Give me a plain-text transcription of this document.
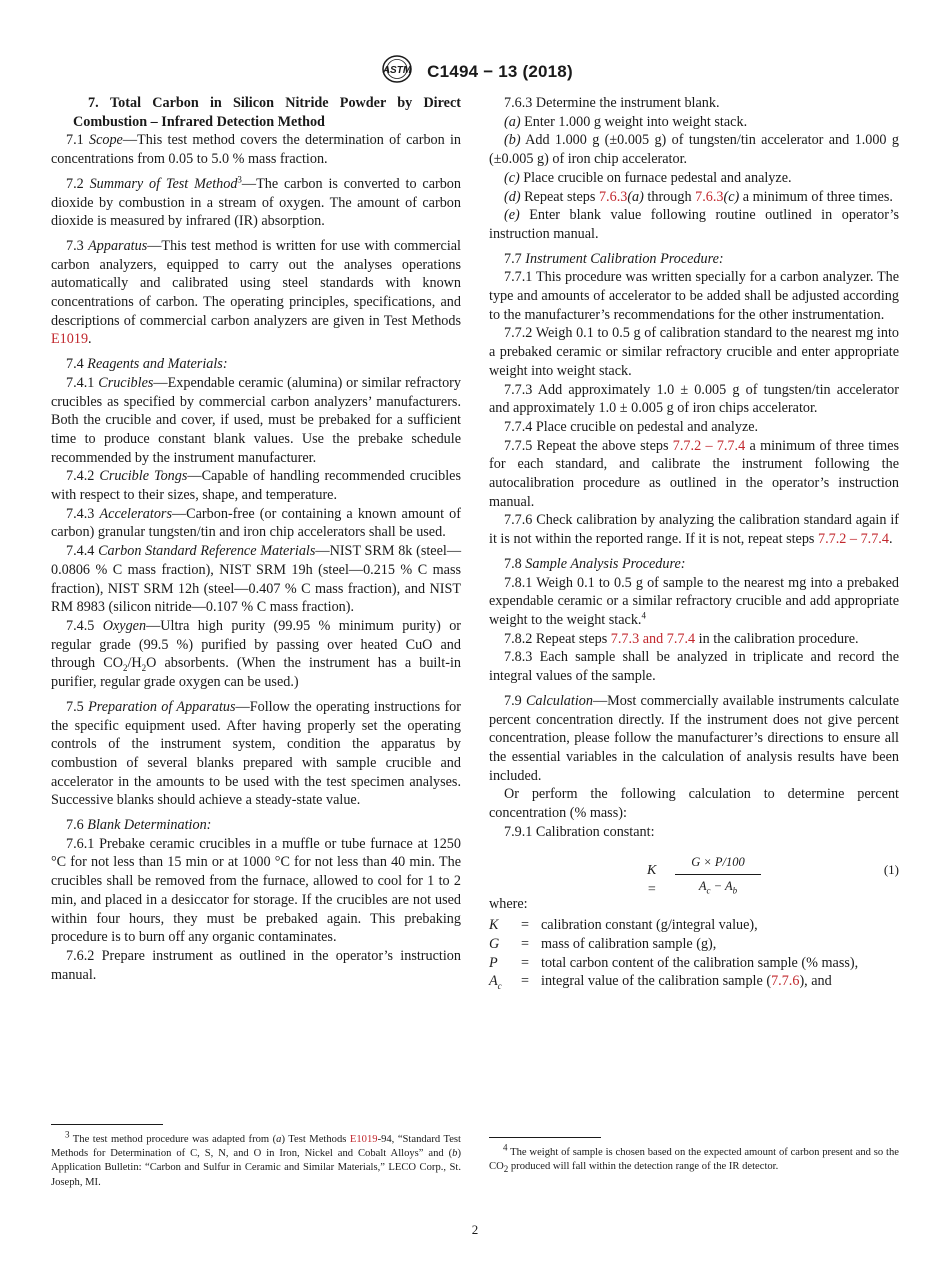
ASTM C1494 − 13 (2018)

7. Total Carbon in Silicon Nitride Powder by Direct Combustion – Infrared Detection Method

7.1 Scope—This test method covers the determination of carbon in concentrations from 0.05 to 5.0 % mass fraction.

7.2 Summary of Test Method$^3$—The carbon is converted to carbon dioxide by combustion in a stream of oxygen. The amount of carbon dioxide is measured by infrared (IR) absorption.

7.3 Apparatus—This test method is written for use with commercial carbon analyzers, equipped to carry out the analyses operations automatically and calibrated using steel standards with known concentrations of carbon. The operating principles, specifications, and descriptions of commercial carbon analyzers are given in Test Methods E1019.

7.4 Reagents and Materials:

7.4.1 Crucibles—Expendable ceramic (alumina) or similar refractory crucibles as specified by commercial carbon analyzers’ manufacturers. Both the crucible and cover, if used, must be prebaked for a sufficient time to produce constant blank values. Use the prebake schedule recommended by the instrument manufacturer.

7.4.2 Crucible Tongs—Capable of handling recommended crucibles with respect to their sizes, shape, and temperature.

7.4.3 Accelerators—Carbon-free (or containing a known amount of carbon) granular tungsten/tin and iron chip accelerators shall be used.

7.4.4 Carbon Standard Reference Materials—NIST SRM 8k (steel—0.0806 % C mass fraction), NIST SRM 19h (steel—0.215 % C mass fraction), NIST SRM 12h (steel—0.407 % C mass fraction), and NIST RM 8983 (silicon nitride—0.107 % C mass fraction).

7.4.5 Oxygen—Ultra high purity (99.95 % minimum purity) or regular grade (99.5 %) purified by passing over heated CuO and through $CO_2/H_2O$ absorbents. (When the instrument has a built-in purifier, regular grade oxygen can be used.)

7.5 Preparation of Apparatus—Follow the operating instructions for the specific equipment used. After having properly set the operating controls of the instrument system, condition the apparatus by combustion of several blanks prepared with sample crucible and accelerator in the amounts to be used with the test specimen analyses. Successive blanks should achieve a steady-state value.

7.6 Blank Determination:

7.6.1 Prebake ceramic crucibles in a muffle or tube furnace at 1250 °C for not less than 15 min or at 1000 °C for not less than 40 min. The crucibles shall be removed from the furnace, allowed to cool for 1 to 2 min, and placed in a desiccator for storage. If the crucibles are not used within four hours, they must be prebaked again. This prebaking procedure is to burn off any organic contaminates.

7.6.2 Prepare instrument as outlined in the operator’s instruction manual.

7.6.3 Determine the instrument blank.

(a) Enter 1.000 g weight into weight stack.

(b) Add 1.000 g (±0.005 g) of tungsten/tin accelerator and 1.000 g (±0.005 g) of iron chip accelerator.

(c) Place crucible on furnace pedestal and analyze.

(d) Repeat steps 7.6.3(a) through 7.6.3(c) a minimum of three times.

(e) Enter blank value following routine outlined in operator’s instruction manual.

7.7 Instrument Calibration Procedure:

7.7.1 This procedure was written specially for a carbon analyzer. The type and amounts of accelerator to be added shall be adjusted according to the manufacturer’s recommendations for the other instrumentation.

7.7.2 Weigh 0.1 to 0.5 g of calibration standard to the nearest mg into a prebaked ceramic or similar refractory crucible and enter appropriate weight into weight stack.

7.7.3 Add approximately 1.0 ± 0.005 g of tungsten/tin accelerator and approximately 1.0 ± 0.005 g of iron chips accelerator.

7.7.4 Place crucible on pedestal and analyze.

7.7.5 Repeat the above steps 7.7.2 – 7.7.4 a minimum of three times for each standard, and calibrate the instrument following the autocalibration procedure as outlined in the operator’s instruction manual.

7.7.6 Check calibration by analyzing the calibration standard again if it is not within the reported range. If it is not, repeat steps 7.7.2 – 7.7.4.

7.8 Sample Analysis Procedure:

7.8.1 Weigh 0.1 to 0.5 g of sample to the nearest mg into a prebaked expendable ceramic or a similar refractory crucible and add appropriate weight to the weight stack.$^4$

7.8.2 Repeat steps 7.7.3 and 7.7.4 in the calibration procedure.

7.8.3 Each sample shall be analyzed in triplicate and record the integral values of the sample.

7.9 Calculation—Most commercially available instruments calculate percent concentration directly. If the instrument does not give percent concentration, please follow the manufacturer’s directions to ensure all the essential variables in the calculation of analysis results have been included.

Or perform the following calculation to determine percent concentration (% mass):

7.9.1 Calibration constant:

$K = \frac{G \times P/100}{A_c - A_b}$	(1)

where:

K	= calibration constant (g/integral value),
G	= mass of calibration sample (g),
P	= total carbon content of the calibration sample (% mass),
$A_c$	= integral value of the calibration sample (7.7.6), and

$^3$ The test method procedure was adapted from (a) Test Methods E1019-94, “Standard Test Methods for Determination of C, S, N, and O in Iron, Nickel and Cobalt Alloys” and (b) Application Bulletin: “Carbon and Sulfur in Ceramic and Similar Materials,” LECO Corp., St. Joseph, MI.

$^4$ The weight of sample is chosen based on the expected amount of carbon present and so the $CO_2$ produced will fall within the detection range of the IR detector.

2
